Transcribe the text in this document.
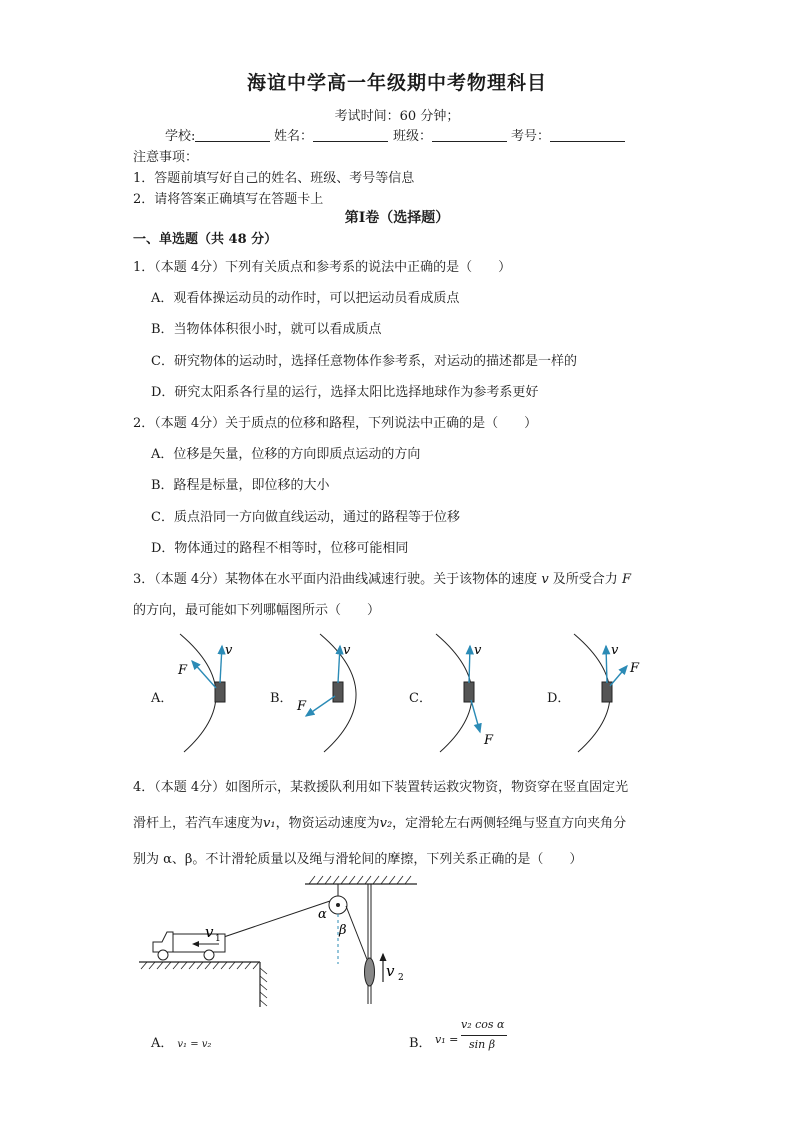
海谊中学高一年级期中考物理科目
考试时间：60 分钟；
学校:	姓名：	班级：	考号：
注意事项：
1．答题前填写好自己的姓名、班级、考号等信息
2．请将答案正确填写在答题卡上
第Ⅰ卷（选择题）
一、单选题（共 48 分）
1．（本题 4分）下列有关质点和参考系的说法中正确的是（　　）
A．观看体操运动员的动作时，可以把运动员看成质点
B．当物体体积很小时，就可以看成质点
C．研究物体的运动时，选择任意物体作参考系，对运动的描述都是一样的
D．研究太阳系各行星的运行，选择太阳比选择地球作为参考系更好
2．（本题 4分）关于质点的位移和路程，下列说法中正确的是（　　）
A．位移是矢量，位移的方向即质点运动的方向
B．路程是标量，即位移的大小
C．质点沿同一方向做直线运动，通过的路程等于位移
D．物体通过的路程不相等时，位移可能相同
3．（本题 4分）某物体在水平面内沿曲线减速行驶。关于该物体的速度 v 及所受合力 F
的方向，最可能如下列哪幅图所示（　　）
v
F
v
F
v
F
v
F
A．	B．	C．	D．
4．（本题 4分）如图所示，某救援队利用如下装置转运救灾物资，物资穿在竖直固定光
滑杆上，若汽车速度为v₁，物资运动速度为v₂，定滑轮左右两侧轻绳与竖直方向夹角分
别为 α、β。不计滑轮质量以及绳与滑轮间的摩擦，下列关系正确的是（　　）
v 2
α
β
v 1
A． v₁ = v₂	B． v₁ =
v₂ cos α
sin β
